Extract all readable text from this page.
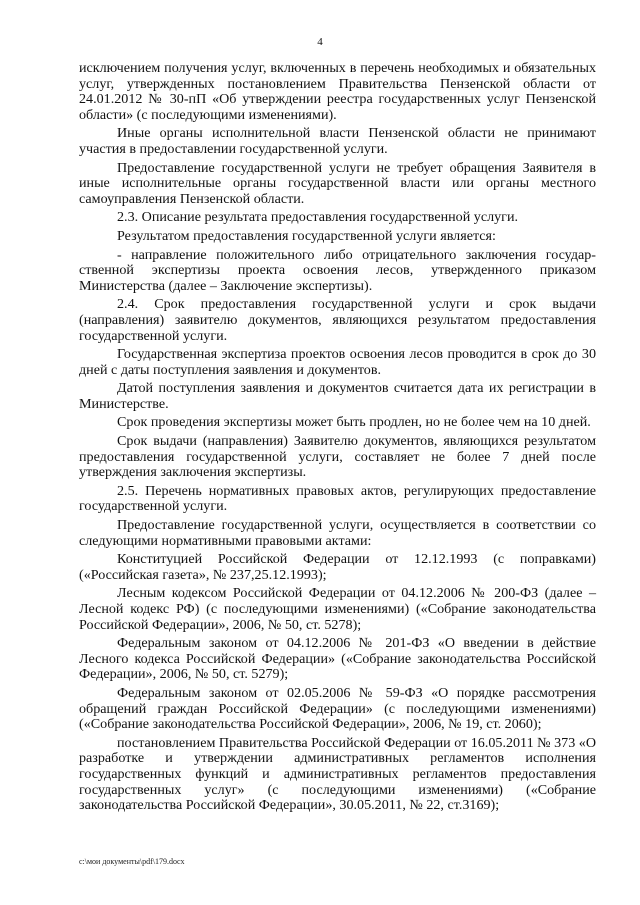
4

исключением получения услуг, включенных в перечень необходимых и обязательных услуг, утвержденных постановлением Правительства Пензенской области от 24.01.2012 № 30-пП «Об утверждении реестра государственных услуг Пензенской области» (с последующими изменениями).

Иные органы исполнительной власти Пензенской области не принимают участия в предоставлении государственной услуги.

Предоставление государственной услуги не требует обращения Заявителя в иные исполнительные органы государственной власти или органы местного самоуправления Пензенской области.

2.3. Описание результата предоставления государственной услуги.

Результатом предоставления государственной услуги является:

- направление положительного либо отрицательного заключения государственной экспертизы проекта освоения лесов, утвержденного приказом Министерства (далее – Заключение экспертизы).

2.4. Срок предоставления государственной услуги и срок выдачи (направления) заявителю документов, являющихся результатом предоставления государственной услуги.

Государственная экспертиза проектов освоения лесов проводится в срок до 30 дней с даты поступления заявления и документов.

Датой поступления заявления и документов считается дата их регистрации в Министерстве.

Срок проведения экспертизы может быть продлен, но не более чем на 10 дней.

Срок выдачи (направления) Заявителю документов, являющихся результатом предоставления государственной услуги, составляет не более 7 дней после утверждения заключения экспертизы.

2.5. Перечень нормативных правовых актов, регулирующих предоставление государственной услуги.

Предоставление государственной услуги, осуществляется в соответствии со следующими нормативными правовыми актами:

Конституцией Российской Федерации от 12.12.1993 (с поправками) («Российская газета», № 237,25.12.1993);

Лесным кодексом Российской Федерации от 04.12.2006 № 200-ФЗ (далее – Лесной кодекс РФ) (с последующими изменениями) («Собрание законодательства Российской Федерации», 2006, № 50, ст. 5278);

Федеральным законом от 04.12.2006 № 201-ФЗ «О введении в действие Лесного кодекса Российской Федерации» («Собрание законодательства Российской Федерации», 2006, № 50, ст. 5279);

Федеральным законом от 02.05.2006 № 59-ФЗ «О порядке рассмотрения обращений граждан Российской Федерации» (с последующими изменениями) («Собрание законодательства Российской Федерации», 2006, № 19, ст. 2060);

постановлением Правительства Российской Федерации от 16.05.2011 № 373 «О разработке и утверждении административных регламентов исполнения государственных функций и административных регламентов предоставления государственных услуг» (с последующими изменениями) («Собрание законодательства Российской Федерации», 30.05.2011, № 22, ст.3169);

c:\мои документы\pdf\179.docx
